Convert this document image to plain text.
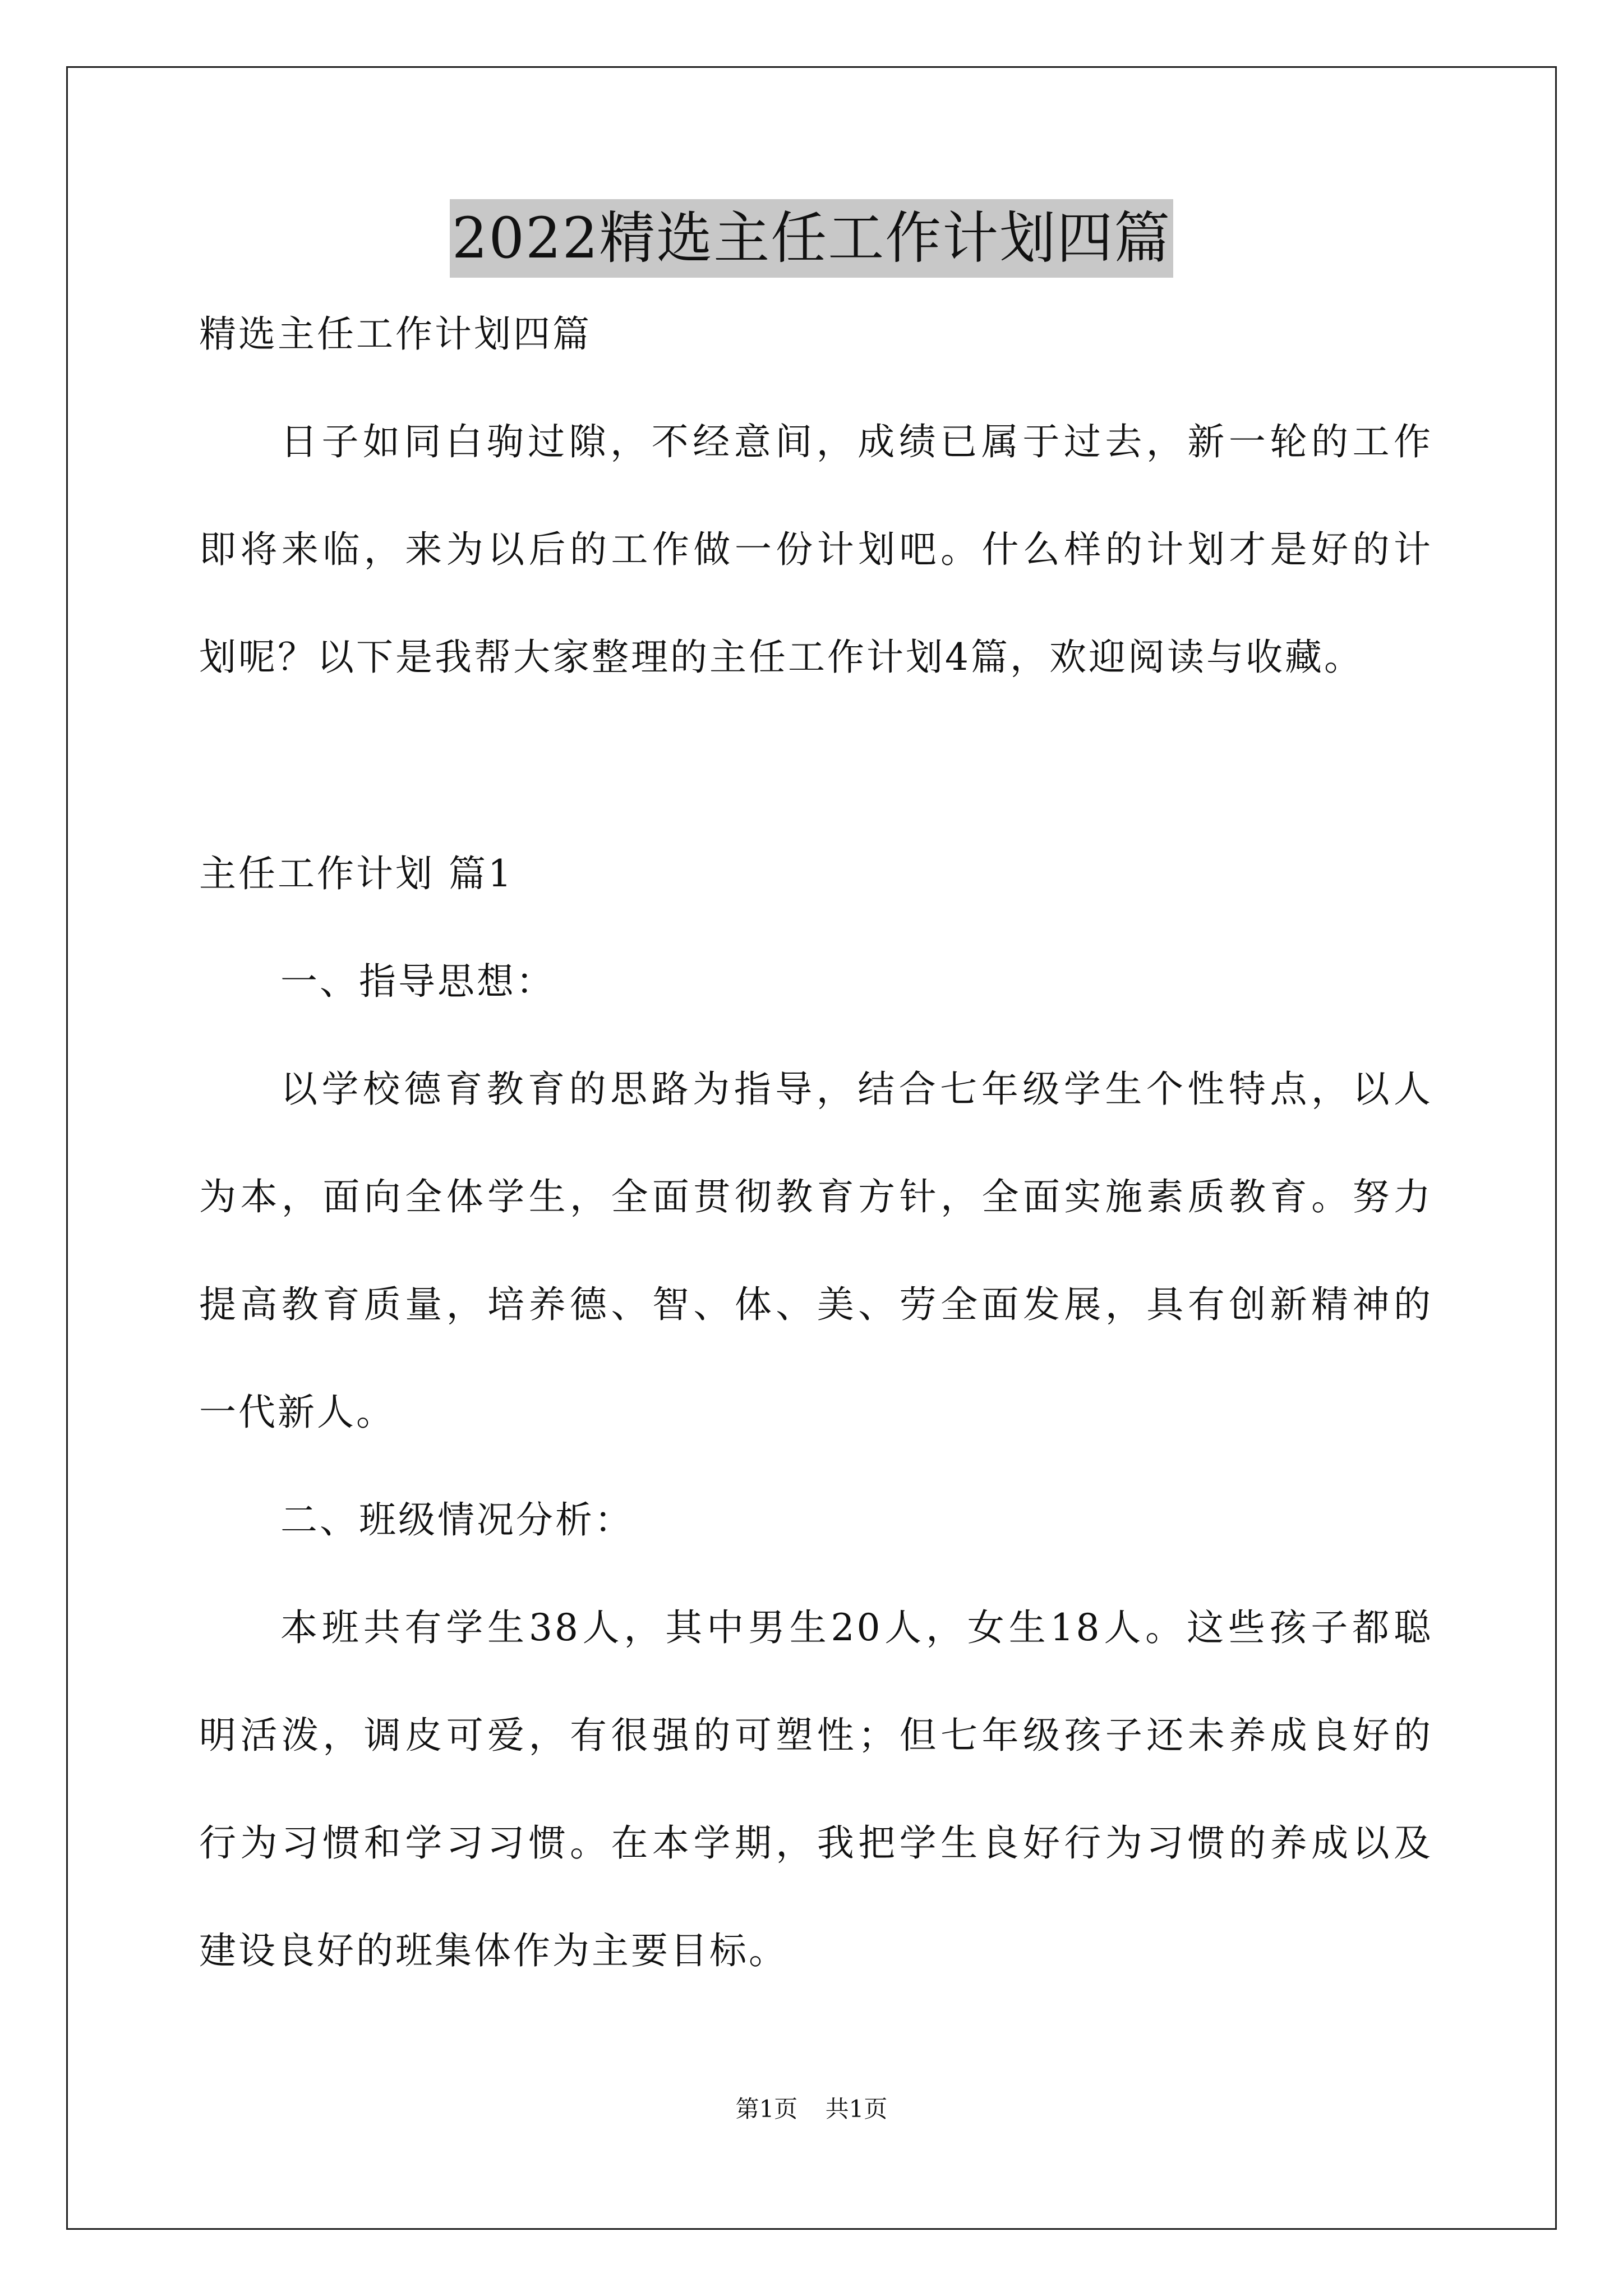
2022精选主任工作计划四篇
精选主任工作计划四篇
日子如同白驹过隙，不经意间，成绩已属于过去，新一轮的工作
即将来临，来为以后的工作做一份计划吧。什么样的计划才是好的计
划呢？以下是我帮大家整理的主任工作计划4篇，欢迎阅读与收藏。
主任工作计划 篇1
一、指导思想：
以学校德育教育的思路为指导，结合七年级学生个性特点，以人
为本，面向全体学生，全面贯彻教育方针，全面实施素质教育。努力
提高教育质量，培养德、智、体、美、劳全面发展，具有创新精神的
一代新人。
二、班级情况分析：
本班共有学生38人，其中男生20人，女生18人。这些孩子都聪
明活泼，调皮可爱，有很强的可塑性；但七年级孩子还未养成良好的
行为习惯和学习习惯。在本学期，我把学生良好行为习惯的养成以及
建设良好的班集体作为主要目标。
第1页 共1页
